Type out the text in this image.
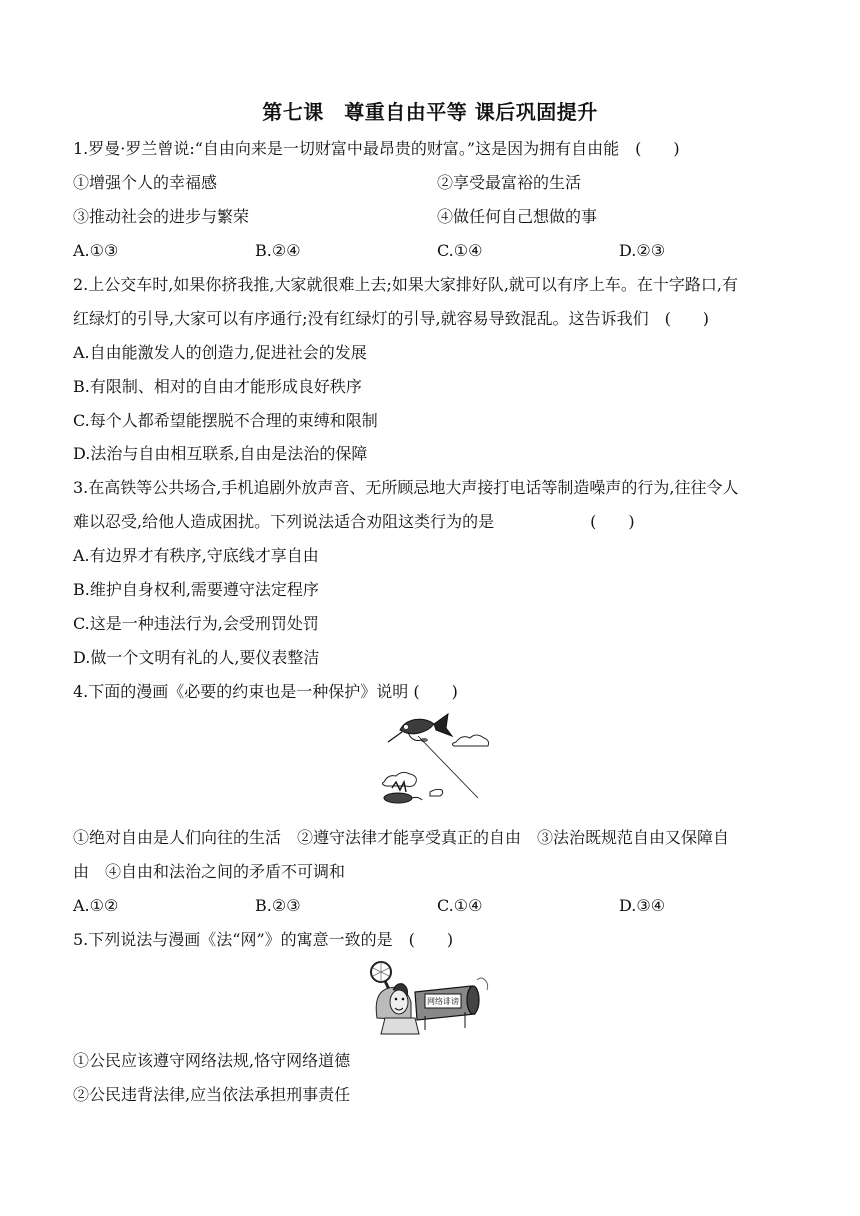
第七课　尊重自由平等 课后巩固提升
1.罗曼·罗兰曾说:“自由向来是一切财富中最昂贵的财富。”这是因为拥有自由能　(　　)
①增强个人的幸福感	②享受最富裕的生活
③推动社会的进步与繁荣	④做任何自己想做的事
A.①③	B.②④	C.①④	D.②③
2.上公交车时,如果你挤我推,大家就很难上去;如果大家排好队,就可以有序上车。在十字路口,有
红绿灯的引导,大家可以有序通行;没有红绿灯的引导,就容易导致混乱。这告诉我们　(　　)
A.自由能激发人的创造力,促进社会的发展
B.有限制、相对的自由才能形成良好秩序
C.每个人都希望能摆脱不合理的束缚和限制
D.法治与自由相互联系,自由是法治的保障
3.在高铁等公共场合,手机追剧外放声音、无所顾忌地大声接打电话等制造噪声的行为,往往令人
难以忍受,给他人造成困扰。下列说法适合劝阻这类行为的是　　　　　　(　　)
A.有边界才有秩序,守底线才享自由
B.维护自身权利,需要遵守法定程序
C.这是一种违法行为,会受刑罚处罚
D.做一个文明有礼的人,要仪表整洁
4.下面的漫画《必要的约束也是一种保护》说明 (　　)
①绝对自由是人们向往的生活　②遵守法律才能享受真正的自由　③法治既规范自由又保障自
由　④自由和法治之间的矛盾不可调和
A.①②	B.②③	C.①④	D.③④
5.下列说法与漫画《法“网”》的寓意一致的是　(　　)
网络诽谤
①公民应该遵守网络法规,恪守网络道德
②公民违背法律,应当依法承担刑事责任
